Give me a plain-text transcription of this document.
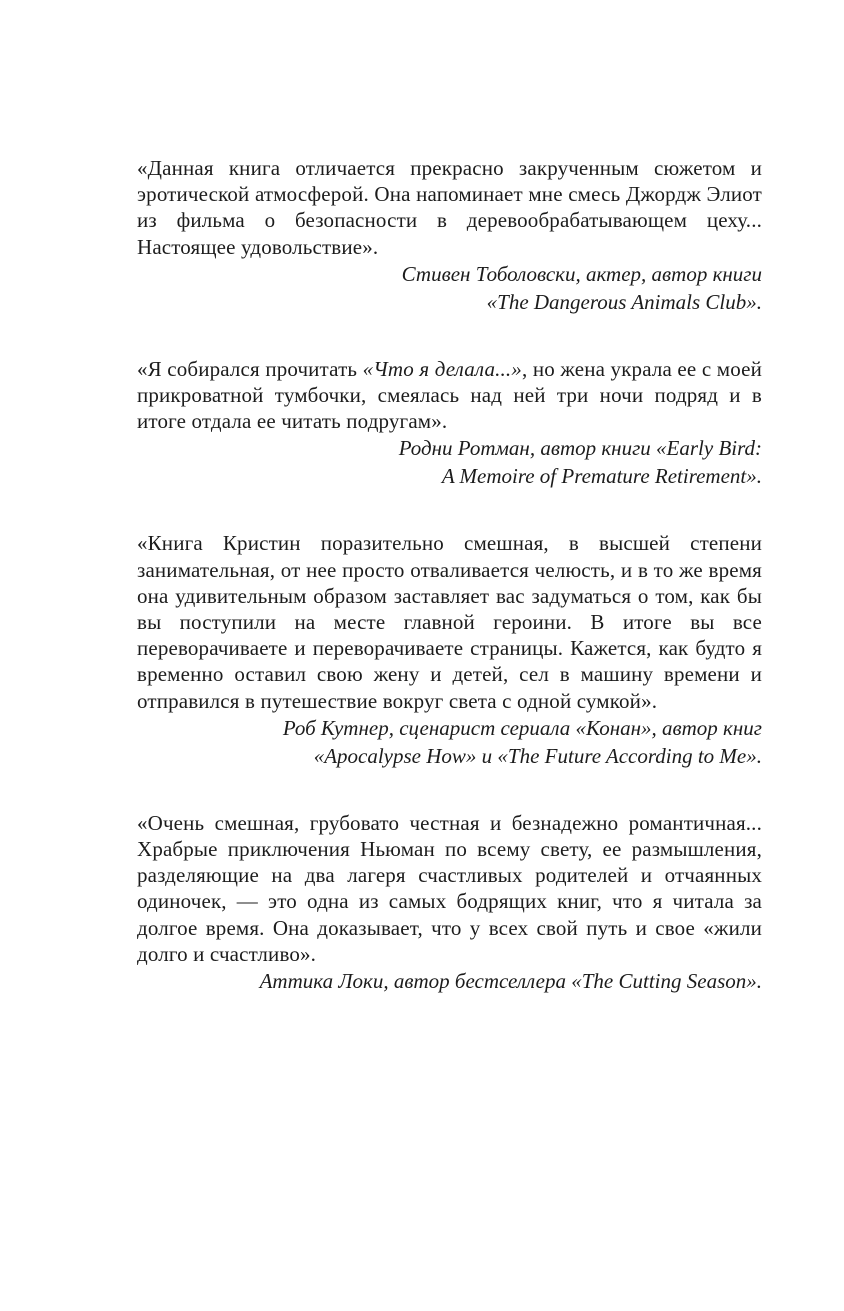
«Данная книга отличается прекрасно закрученным сюжетом и эротической атмосферой. Она напоминает мне смесь Джордж Элиот из фильма о безопасности в деревообрабатывающем цеху... Настоящее удовольствие».

Стивен Тоболовски, актер, автор книги
«The Dangerous Animals Club».

«Я собирался прочитать «Что я делала...», но жена украла ее с моей прикроватной тумбочки, смеялась над ней три ночи подряд и в итоге отдала ее читать подругам».

Родни Ротман, автор книги «Early Bird:
A Memoire of Premature Retirement».

«Книга Кристин поразительно смешная, в высшей степени занимательная, от нее просто отваливается челюсть, и в то же время она удивительным образом заставляет вас задуматься о том, как бы вы поступили на месте главной героини. В итоге вы все переворачиваете и переворачиваете страницы. Кажется, как будто я временно оставил свою жену и детей, сел в машину времени и отправился в путешествие вокруг света с одной сумкой».

Роб Кутнер, сценарист сериала «Конан», автор книг
«Apocalypse How» и «The Future According to Me».

«Очень смешная, грубовато честная и безнадежно романтичная... Храбрые приключения Ньюман по всему свету, ее размышления, разделяющие на два лагеря счастливых родителей и отчаянных одиночек, — это одна из самых бодрящих книг, что я читала за долгое время. Она доказывает, что у всех свой путь и свое «жили долго и счастливо».

Аттика Локи, автор бестселлера «The Cutting Season».
